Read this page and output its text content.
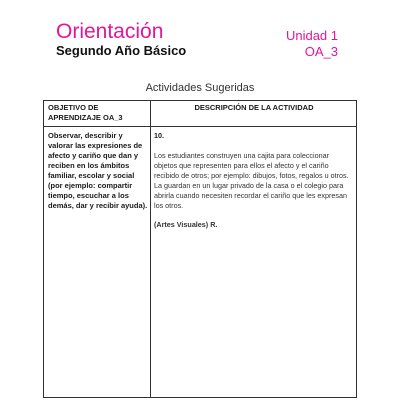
Orientación
Segundo Año Básico
Unidad 1
OA_3
Actividades Sugeridas
OBJETIVO DE APRENDIZAJE OA_3
DESCRIPCIÓN DE LA ACTIVIDAD
Observar, describir y valorar las expresiones de afecto y cariño que dan y reciben en los ámbitos familiar, escolar y social (por ejemplo: compartir tiempo, escuchar a los demás, dar y recibir ayuda).
10.
Los estudiantes construyen una cajita para coleccionar objetos que representen para ellos el afecto y el cariño recibido de otros; por ejemplo: dibujos, fotos, regalos u otros. La guardan en un lugar privado de la casa o el colegio para abrirla cuando necesiten recordar el cariño que les expresan los otros.
(Artes Visuales) R.
